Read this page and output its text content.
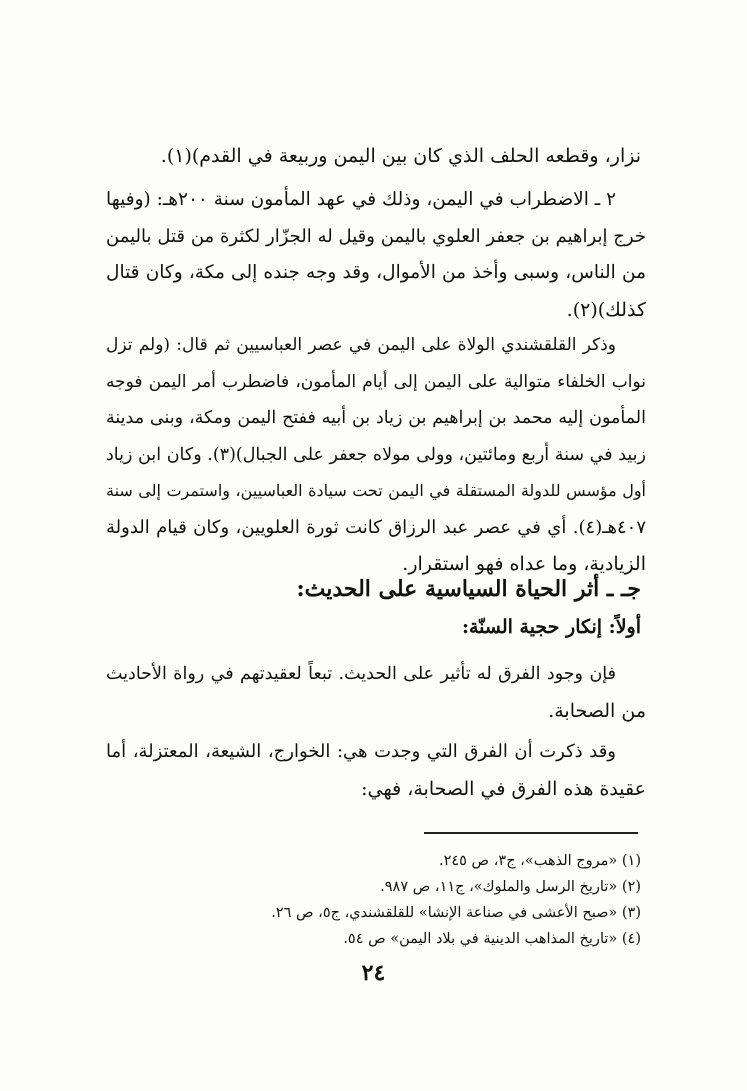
نزار، وقطعه الحلف الذي كان بين اليمن وربيعة في القدم)(١).
٢ ـ الاضطراب في اليمن، وذلك في عهد المأمون سنة ٢٠٠هـ: (وفيها
خرج إبراهيم بن جعفر العلوي باليمن وقيل له الجزّار لكثرة من قتل باليمن
من الناس، وسبى وأخذ من الأموال، وقد وجه جنده إلى مكة، وكان قتال
كذلك)(٢).
وذكر القلقشندي الولاة على اليمن في عصر العباسيين ثم قال: (ولم تزل
نواب الخلفاء متوالية على اليمن إلى أيام المأمون، فاضطرب أمر اليمن فوجه
المأمون إليه محمد بن إبراهيم بن زياد بن أبيه ففتح اليمن ومكة، وبنى مدينة
زبيد في سنة أربع ومائتين، وولى مولاه جعفر على الجبال)(٣). وكان ابن زياد
أول مؤسس للدولة المستقلة في اليمن تحت سيادة العباسيين، واستمرت إلى سنة
٤٠٧هـ(٤). أي في عصر عبد الرزاق كانت ثورة العلويين، وكان قيام الدولة
الزيادية، وما عداه فهو استقرار.
جـ ـ أثر الحياة السياسية على الحديث:
أولاً: إنكار حجية السنّة:
فإن وجود الفرق له تأثير على الحديث. تبعاً لعقيدتهم في رواة الأحاديث
من الصحابة.
وقد ذكرت أن الفرق التي وجدت هي: الخوارج، الشيعة، المعتزلة، أما
عقيدة هذه الفرق في الصحابة، فهي:
(١) «مروج الذهب»، ج٣، ص ٢٤٥.
(٢) «تاريخ الرسل والملوك»، ج١١، ص ٩٨٧.
(٣) «صبح الأعشى في صناعة الإنشا» للقلقشندي، ج٥، ص ٢٦.
(٤) «تاريخ المذاهب الدينية في بلاد اليمن» ص ٥٤.
٢٤
